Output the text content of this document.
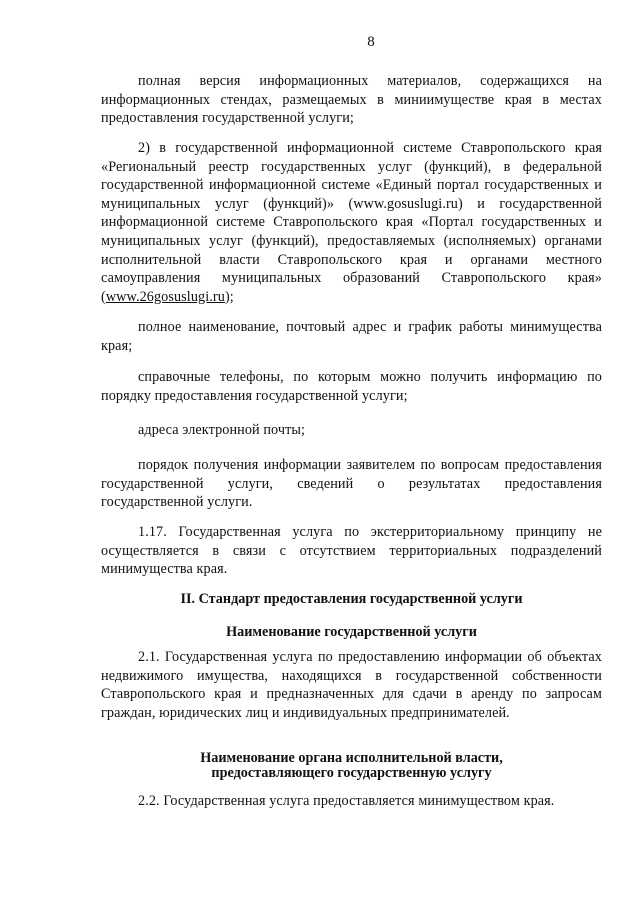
8

полная версия информационных материалов, содержащихся на информационных стендах, размещаемых в миниимуществе края в местах предоставления государственной услуги;

2) в государственной информационной системе Ставропольского края «Региональный реестр государственных услуг (функций), в федеральной государственной информационной системе «Единый портал государственных и муниципальных услуг (функций)» (www.gosuslugi.ru) и государственной информационной системе Ставропольского края «Портал государственных и муниципальных услуг (функций), предоставляемых (исполняемых) органами исполнительной власти Ставропольского края и органами местного самоуправления муниципальных образований Ставропольского края» (www.26gosuslugi.ru);

полное наименование, почтовый адрес и график работы минимущества края;

справочные телефоны, по которым можно получить информацию по порядку предоставления государственной услуги;

адреса электронной почты;

порядок получения информации заявителем по вопросам предоставления государственной услуги, сведений о результатах предоставления государственной услуги.

1.17. Государственная услуга по экстерриториальному принципу не осуществляется в связи с отсутствием территориальных подразделений минимущества края.

II. Стандарт предоставления государственной услуги
Наименование государственной услуги

2.1. Государственная услуга по предоставлению информации об объектах недвижимого имущества, находящихся в государственной собственности Ставропольского края и предназначенных для сдачи в аренду по запросам граждан, юридических лиц и индивидуальных предпринимателей.

Наименование органа исполнительной власти,
предоставляющего государственную услугу

2.2. Государственная услуга предоставляется минимуществом края.
